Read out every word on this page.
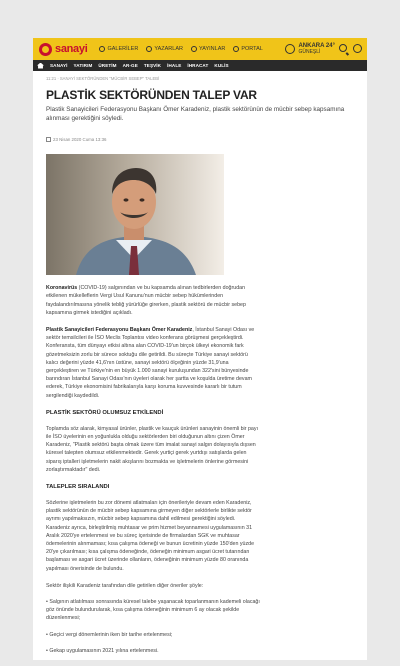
sanayi	GALERİLER	YAZARLAR	YAYINLAR	PORTAL	ANKARA 24°
GÜNEŞLİ
SANAYİ YATIRIM ÜRETİM AR-GE TEŞVİK İHALE İHRACAT KULİS
11:21 · SANAYİ SEKTÖRÜNDEN "MÜCBİR SEBEP" TALEBİ
PLASTİK SEKTÖRÜNDEN TALEP VAR

Plastik Sanayicileri Federasyonu Başkanı Ömer Karadeniz, plastik sektörünün de mücbir sebep kapsamına alınması gerektiğini söyledi.

23 Nisan 2020 Cuma 13:36

Koronavirüs (COVID-19) salgınından ve bu kapsamda alınan tedbirlerden doğrudan etkilenen mükelleflerin Vergi Usul Kanunu'nun mücbir sebep hükümlerinden faydalandırılmasına yönelik tebliğ yürürlüğe girerken, plastik sektörü de mücbir sebep kapsamına girmek istediğini açıkladı.

Plastik Sanayicileri Federasyonu Başkanı Ömer Karadeniz, İstanbul Sanayi Odası ve sektör temsilcileri ile İSO Meclis Toplantısı video konferans görüşmesi gerçekleştirdi. Konferansta, tüm dünyayı etkisi altına alan COVID-19'un birçok ülkeyi ekonomik fark gözetmeksizin zorlu bir sürece soktuğu dile getirildi. Bu süreçte Türkiye sanayi sektörü kalıcı değerini yüzde 41,6'nın üstüne, sanayi sektörü ölçeğinin yüzde 31,9'una gerçekleştiren ve Türkiye'nin en büyük 1.000 sanayi kuruluşundan 322'sini bünyesinde barındıran İstanbul Sanayi Odası'nın üyeleri olarak her şartta ve koşulda üretime devam ederek, Türkiye ekonomisini fabrikalarıyla karşı koruma kuvvesinde kararlı bir tutum sergilendiği kaydedildi.

PLASTİK SEKTÖRÜ OLUMSUZ ETKİLENDİ

Toplamda söz alarak, kimyasal ürünler, plastik ve kauçuk ürünleri sanayinin önemli bir payı ile İSO üyelerinin en yoğunlukla olduğu sektörlerden biri olduğunun altını çizen Ömer Karadeniz, "Plastik sektörü başta olmak üzere tüm imalat sanayi salgın dolayısıyla dışsen küresel talepten olumsuz etkilenmektedir. Gerek yurtiçi gerek yurtdışı satışlarda gelen siparış iptalleri işletmelerin nakit akışlarını bozmakta ve işletmelerin önlerine görmesini zorlaştırmaktadır" dedi.

TALEPLER SIRALANDI

Sözlerine işletmelerin bu zor dönemi atlatmaları için önerileriyle devam eden Karadeniz, plastik sektörünün de mücbir sebep kapsamına girmeyen diğer sektörlerle birlikte sektör ayrımı yapılmaksızın, mücbir sebep kapsamına dahil edilmesi gerektiğini söyledi. Karadeniz ayrıca, birleştirilmiş muhtasar ve prim hizmet beyannamesi uygulamasının 31 Aralık 2020'ye ertelenmesi ve bu süreç içerisinde de firmalardan SGK ve muhtasar ödemelerinin alınmaması; kısa çalışma ödeneği ve bunun ücretinin yüzde 150'den yüzde 20'ye çıkarılması; kısa çalışma ödeneğinde, ödeneğin minimum asgari ücret tutarından başlaması ve asgari ücret üzerinde ollanların, ödeneğinin minimum yüzde 80 oranında yapılması önerisinde de bulundu.

Sektör ilişkili Karadeniz tarafından dile getirilen diğer öneriler şöyle:

• Salgının atlatılması sonrasında küresel talebe yaşanacak toparlanmanın kademeli olacağı göz önünde bulundurularak, kısa çalışma ödeneğinin minimum 6 ay olacak şekilde düzenlenmesi;

• Geçici vergi dönemlerinin iken bir tarihe ertelenmesi;

• Gekap uygulamasının 2021 yılına ertelenmesi.
